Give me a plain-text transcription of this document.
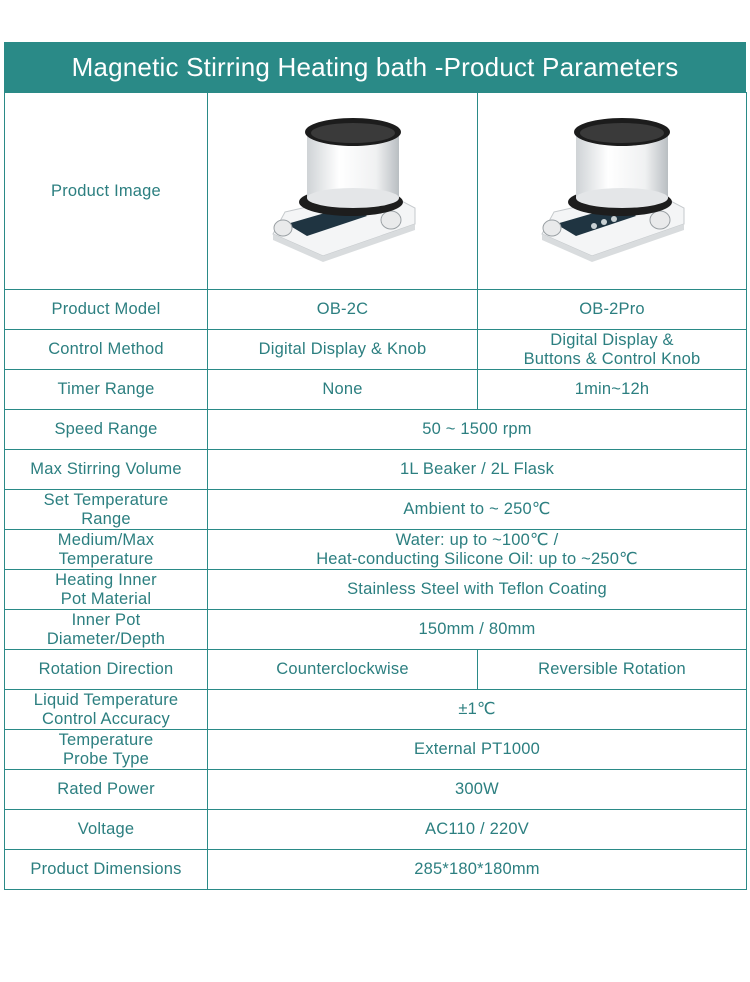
Magnetic Stirring Heating bath -Product Parameters
Product Image	

Product Model	OB-2C	OB-2Pro
Control Method	Digital Display & Knob	Digital Display &
Buttons & Control Knob

Timer Range	None	1min~12h
Speed Range	50 ~ 1500 rpm	
Max Stirring Volume	1L Beaker / 2L Flask	

Set Temperature
Range	Ambient to ~ 250℃	

Medium/Max
Temperature	Water: up to ~100℃ /
Heat-conducting Silicone Oil: up to ~250℃	

Heating Inner
Pot Material	Stainless Steel with Teflon Coating	

Inner Pot
Diameter/Depth	150mm / 80mm	
Rotation Direction	Counterclockwise	Reversible Rotation

Liquid Temperature
Control Accuracy	±1℃	

Temperature
Probe Type	External PT1000	
Rated Power	300W	
Voltage	AC110 / 220V	
Product Dimensions	285*180*180mm	
